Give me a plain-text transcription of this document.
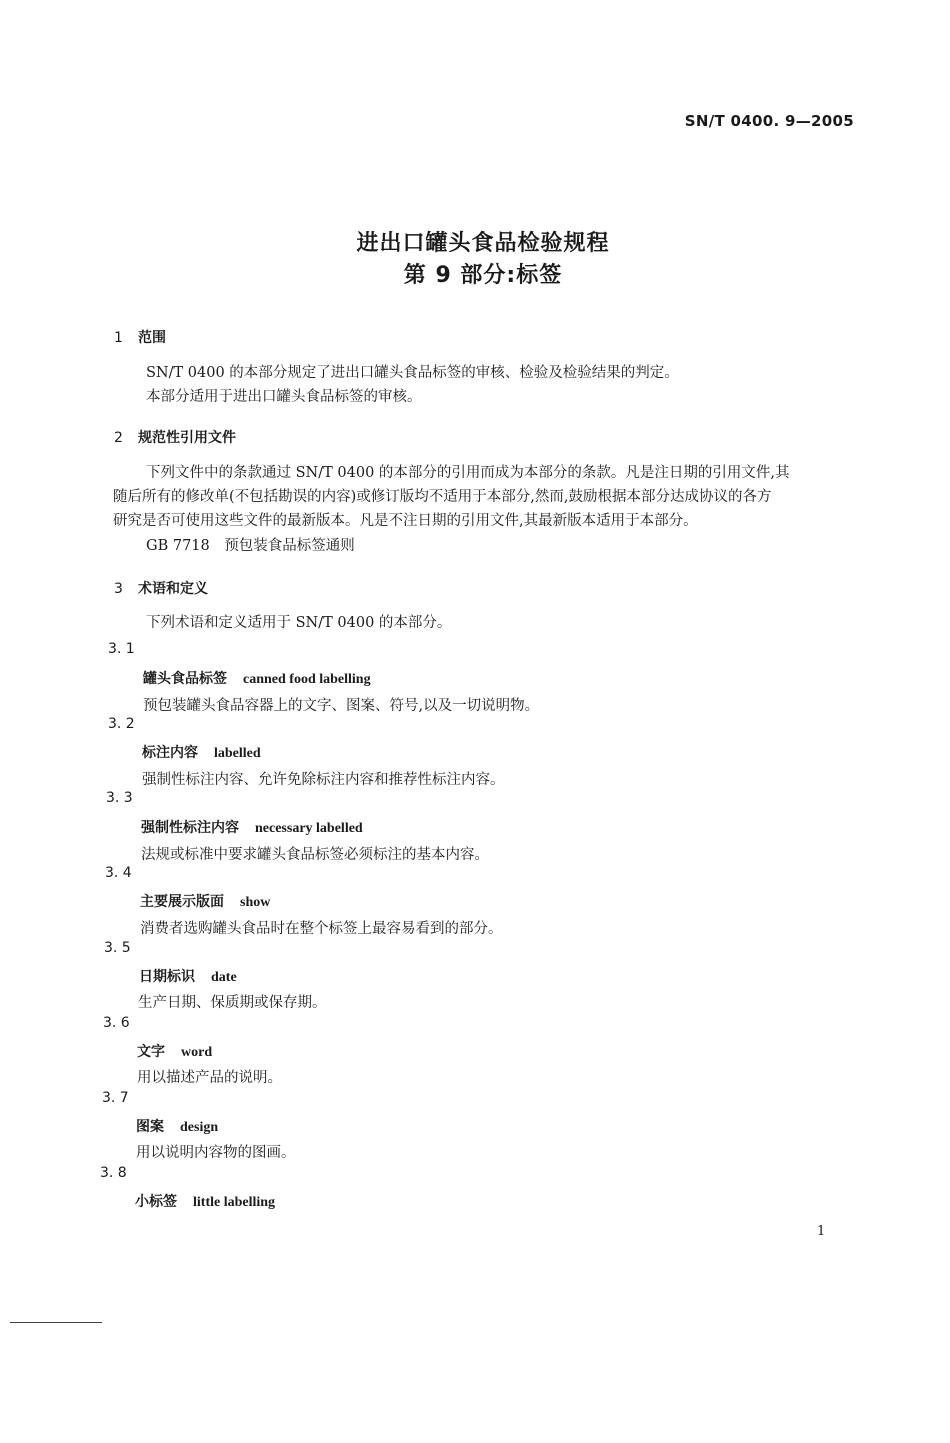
SN/T 0400. 9—2005
进出口罐头食品检验规程
第 9 部分:标签
1 范围
SN/T 0400 的本部分规定了进出口罐头食品标签的审核、检验及检验结果的判定。
本部分适用于进出口罐头食品标签的审核。
2 规范性引用文件
下列文件中的条款通过 SN/T 0400 的本部分的引用而成为本部分的条款。凡是注日期的引用文件,其
随后所有的修改单(不包括勘误的内容)或修订版均不适用于本部分,然而,鼓励根据本部分达成协议的各方
研究是否可使用这些文件的最新版本。凡是不注日期的引用文件,其最新版本适用于本部分。
GB 7718　预包装食品标签通则
3 术语和定义
下列术语和定义适用于 SN/T 0400 的本部分。
3. 1
罐头食品标签 canned food labelling
预包装罐头食品容器上的文字、图案、符号,以及一切说明物。
3. 2
标注内容 labelled
强制性标注内容、允许免除标注内容和推荐性标注内容。
3. 3
强制性标注内容 necessary labelled
法规或标准中要求罐头食品标签必须标注的基本内容。
3. 4
主要展示版面 show
消费者选购罐头食品时在整个标签上最容易看到的部分。
3. 5
日期标识 date
生产日期、保质期或保存期。
3. 6
文字 word
用以描述产品的说明。
3. 7
图案 design
用以说明内容物的图画。
3. 8
小标签 little labelling
1
